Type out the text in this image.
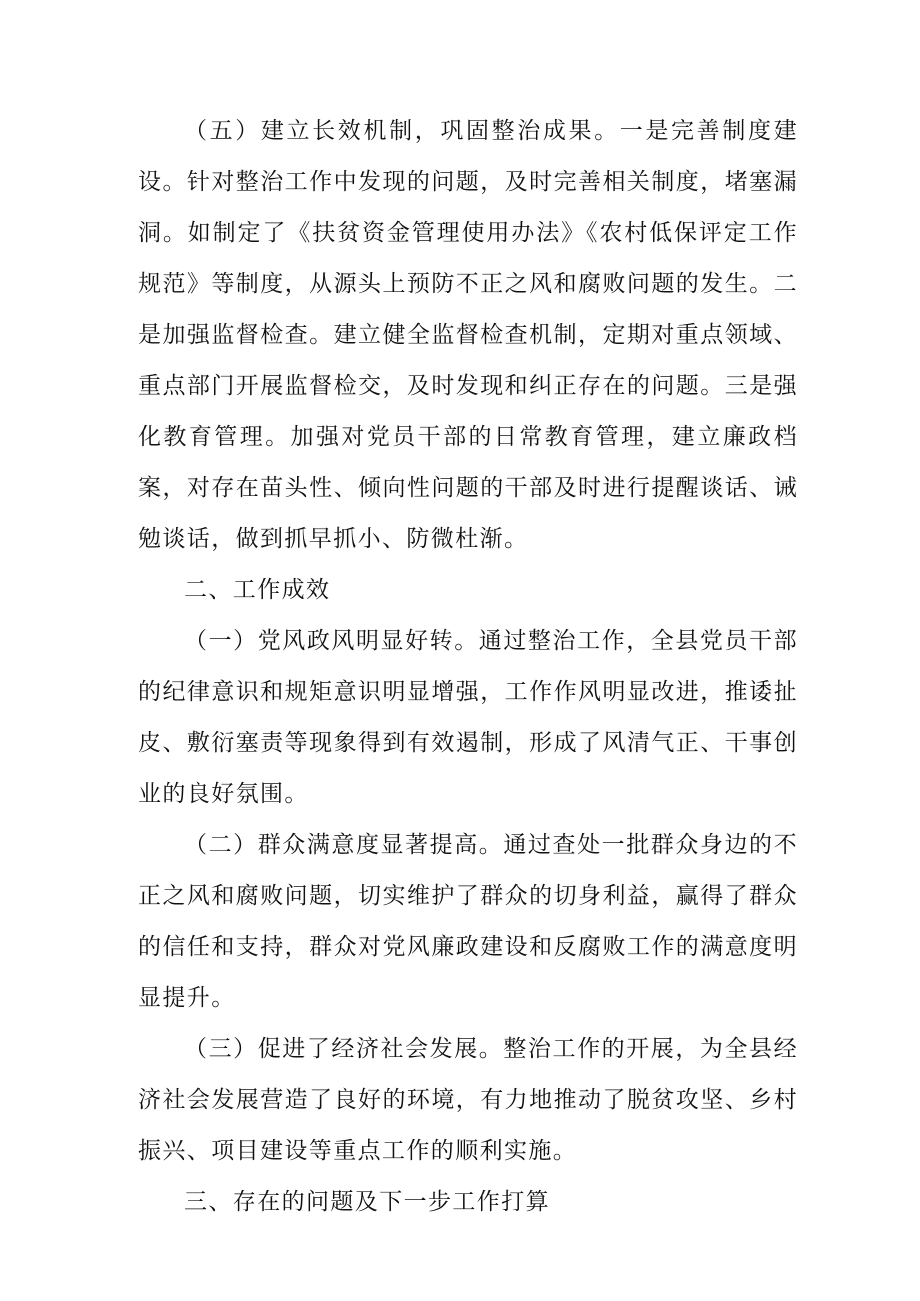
（五）建立长效机制，巩固整治成果。一是完善制度建设。针对整治工作中发现的问题，及时完善相关制度，堵塞漏洞。如制定了《扶贫资金管理使用办法》《农村低保评定工作规范》等制度，从源头上预防不正之风和腐败问题的发生。二是加强监督检查。建立健全监督检查机制，定期对重点领域、重点部门开展监督检交，及时发现和纠正存在的问题。三是强化教育管理。加强对党员干部的日常教育管理，建立廉政档案，对存在苗头性、倾向性问题的干部及时进行提醒谈话、诫勉谈话，做到抓早抓小、防微杜渐。

二、工作成效

（一）党风政风明显好转。通过整治工作，全县党员干部的纪律意识和规矩意识明显增强，工作作风明显改进，推诿扯皮、敷衍塞责等现象得到有效遏制，形成了风清气正、干事创业的良好氛围。

（二）群众满意度显著提高。通过查处一批群众身边的不正之风和腐败问题，切实维护了群众的切身利益，赢得了群众的信任和支持，群众对党风廉政建设和反腐败工作的满意度明显提升。

（三）促进了经济社会发展。整治工作的开展，为全县经济社会发展营造了良好的环境，有力地推动了脱贫攻坚、乡村振兴、项目建设等重点工作的顺利实施。

三、存在的问题及下一步工作打算
